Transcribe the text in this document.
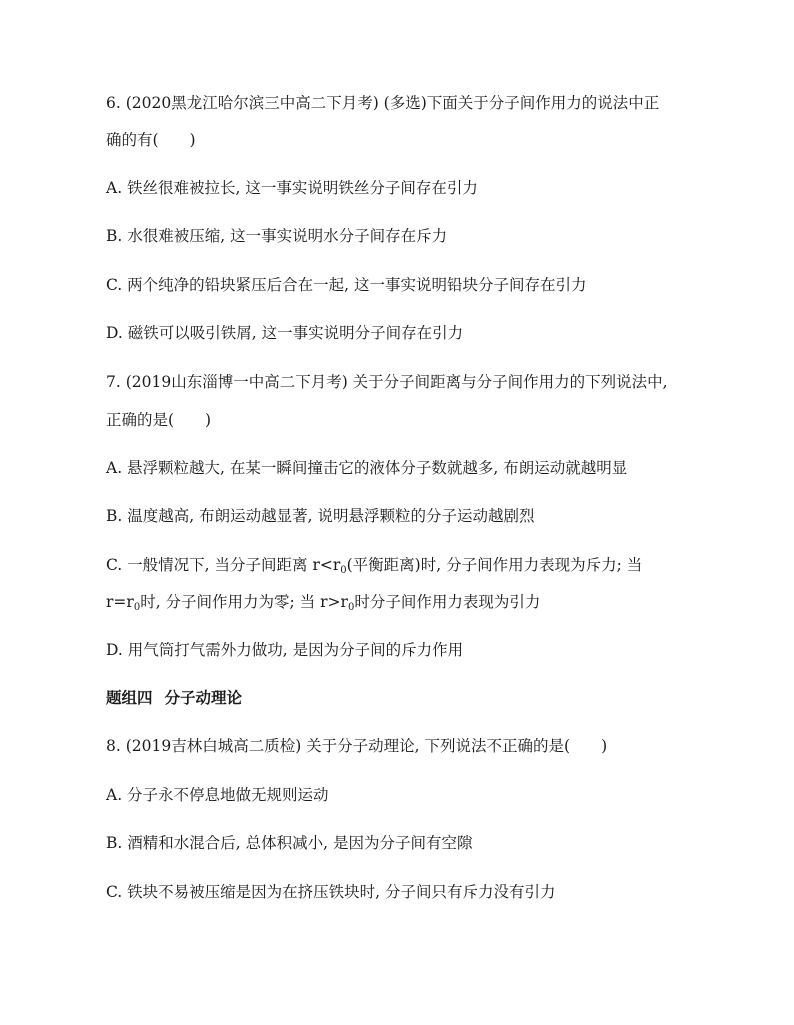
6. (2020黑龙江哈尔滨三中高二下月考) (多选)下面关于分子间作用力的说法中正
确的有(　　)
A. 铁丝很难被拉长, 这一事实说明铁丝分子间存在引力
B. 水很难被压缩, 这一事实说明水分子间存在斥力
C. 两个纯净的铅块紧压后合在一起, 这一事实说明铅块分子间存在引力
D. 磁铁可以吸引铁屑, 这一事实说明分子间存在引力
7. (2019山东淄博一中高二下月考) 关于分子间距离与分子间作用力的下列说法中,
正确的是(　　)
A. 悬浮颗粒越大, 在某一瞬间撞击它的液体分子数就越多, 布朗运动就越明显
B. 温度越高, 布朗运动越显著, 说明悬浮颗粒的分子运动越剧烈
C. 一般情况下, 当分子间距离 $r<r_0$(平衡距离)时, 分子间作用力表现为斥力; 当
$r=r_0$时, 分子间作用力为零; 当 $r>r_0$时分子间作用力表现为引力
D. 用气筒打气需外力做功, 是因为分子间的斥力作用
题组四 分子动理论
8. (2019吉林白城高二质检) 关于分子动理论, 下列说法不正确的是(　　)
A. 分子永不停息地做无规则运动
B. 酒精和水混合后, 总体积减小, 是因为分子间有空隙
C. 铁块不易被压缩是因为在挤压铁块时, 分子间只有斥力没有引力
